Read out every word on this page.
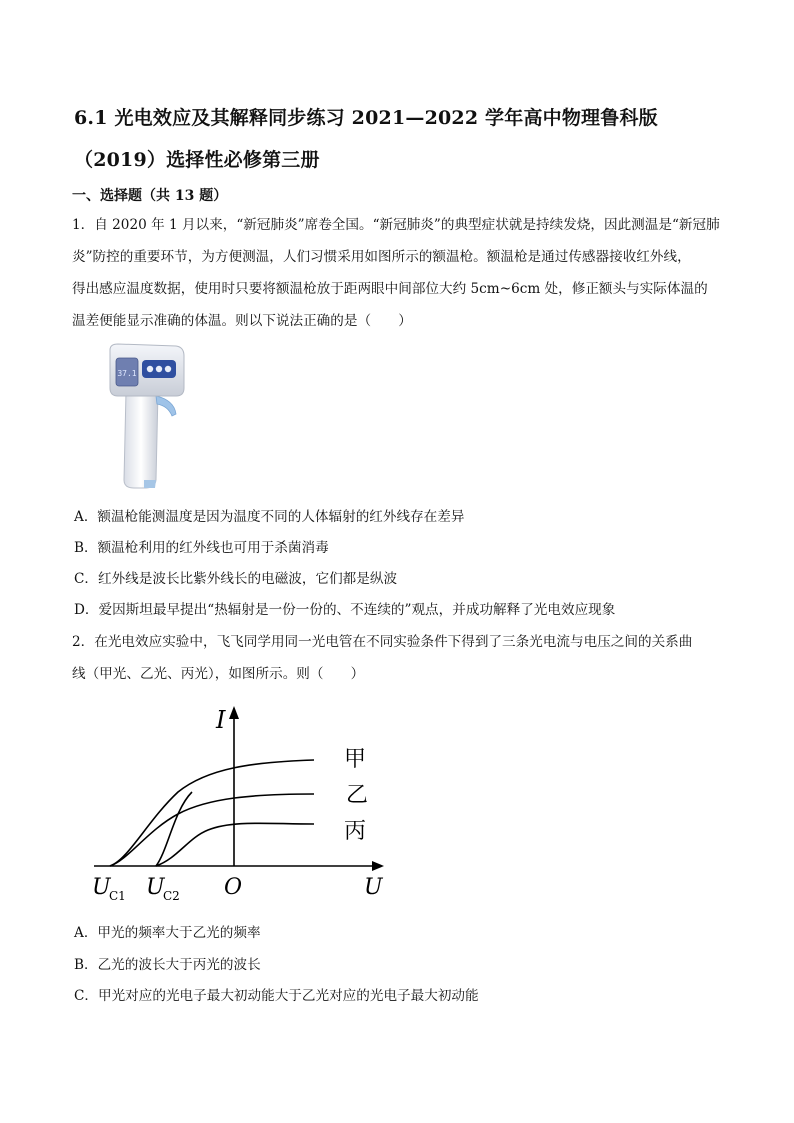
6.1 光电效应及其解释同步练习 2021—2022 学年高中物理鲁科版
（2019）选择性必修第三册
一、选择题（共 13 题）
1．自 2020 年 1 月以来，“新冠肺炎”席卷全国。“新冠肺炎”的典型症状就是持续发烧，因此测温是“新冠肺
炎”防控的重要环节，为方便测温，人们习惯采用如图所示的额温枪。额温枪是通过传感器接收红外线，
得出感应温度数据，使用时只要将额温枪放于距两眼中间部位大约 5cm~6cm 处，修正额头与实际体温的
温差便能显示准确的体温。则以下说法正确的是（　　）
37.1
A．额温枪能测温度是因为温度不同的人体辐射的红外线存在差异
B．额温枪利用的红外线也可用于杀菌消毒
C．红外线是波长比紫外线长的电磁波，它们都是纵波
D．爱因斯坦最早提出“热辐射是一份一份的、不连续的”观点，并成功解释了光电效应现象
2．在光电效应实验中，飞飞同学用同一光电管在不同实验条件下得到了三条光电流与电压之间的关系曲
线（甲光、乙光、丙光），如图所示。则（　　）
I
U
O
U
C1 U
C2
甲
乙
丙
A．甲光的频率大于乙光的频率
B．乙光的波长大于丙光的波长
C．甲光对应的光电子最大初动能大于乙光对应的光电子最大初动能
